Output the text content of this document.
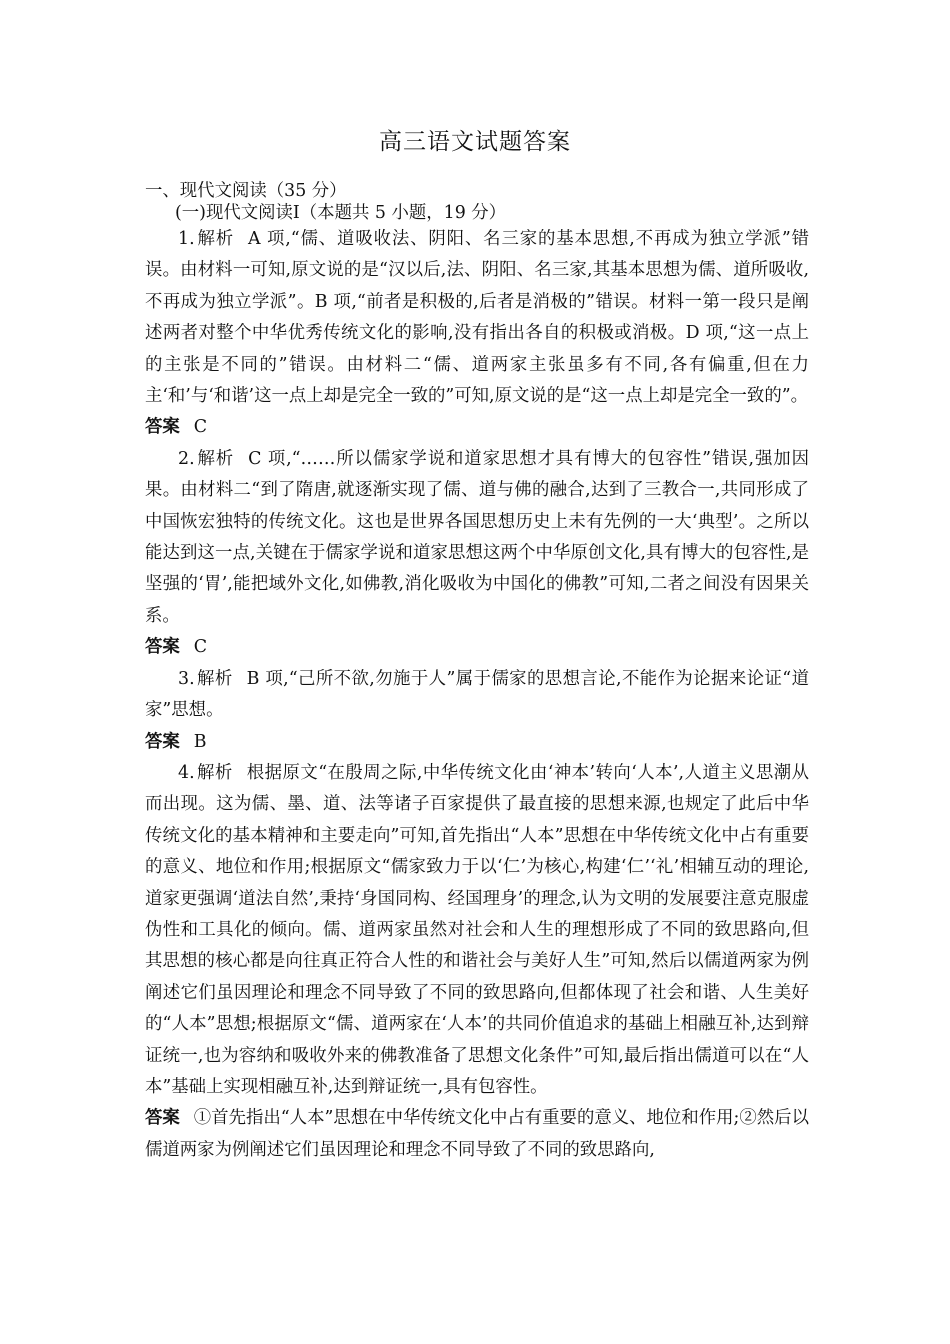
高三语文试题答案
一、现代文阅读（35 分）
(一)现代文阅读Ⅰ（本题共 5 小题，19 分）

1. 解析 A 项,“儒、道吸收法、阴阳、名三家的基本思想,不再成为独立学派”错误。由材料一可知,原文说的是“汉以后,法、阴阳、名三家,其基本思想为儒、道所吸收,不再成为独立学派”。B 项,“前者是积极的,后者是消极的”错误。材料一第一段只是阐述两者对整个中华优秀传统文化的影响,没有指出各自的积极或消极。D 项,“这一点上的主张是不同的”错误。由材料二“儒、道两家主张虽多有不同,各有偏重,但在力主‘和’与‘和谐’这一点上却是完全一致的”可知,原文说的是“这一点上却是完全一致的”。

答案 C

2. 解析 C 项,“……所以儒家学说和道家思想才具有博大的包容性”错误,强加因果。由材料二“到了隋唐,就逐渐实现了儒、道与佛的融合,达到了三教合一,共同形成了中国恢宏独特的传统文化。这也是世界各国思想历史上未有先例的一大‘典型’。之所以能达到这一点,关键在于儒家学说和道家思想这两个中华原创文化,具有博大的包容性,是坚强的‘胃’,能把域外文化,如佛教,消化吸收为中国化的佛教”可知,二者之间没有因果关系。

答案 C

3. 解析 B 项,“己所不欲,勿施于人”属于儒家的思想言论,不能作为论据来论证“道家”思想。

答案 B

4. 解析 根据原文“在殷周之际,中华传统文化由‘神本’转向‘人本’,人道主义思潮从而出现。这为儒、墨、道、法等诸子百家提供了最直接的思想来源,也规定了此后中华传统文化的基本精神和主要走向”可知,首先指出“人本”思想在中华传统文化中占有重要的意义、地位和作用;根据原文“儒家致力于以‘仁’为核心,构建‘仁’‘礼’相辅互动的理论,道家更强调‘道法自然’,秉持‘身国同构、经国理身’的理念,认为文明的发展要注意克服虚伪性和工具化的倾向。儒、道两家虽然对社会和人生的理想形成了不同的致思路向,但其思想的核心都是向往真正符合人性的和谐社会与美好人生”可知,然后以儒道两家为例阐述它们虽因理论和理念不同导致了不同的致思路向,但都体现了社会和谐、人生美好的“人本”思想;根据原文“儒、道两家在‘人本’的共同价值追求的基础上相融互补,达到辩证统一,也为容纳和吸收外来的佛教准备了思想文化条件”可知,最后指出儒道可以在“人本”基础上实现相融互补,达到辩证统一,具有包容性。

答案 ①首先指出“人本”思想在中华传统文化中占有重要的意义、地位和作用;②然后以儒道两家为例阐述它们虽因理论和理念不同导致了不同的致思路向,
